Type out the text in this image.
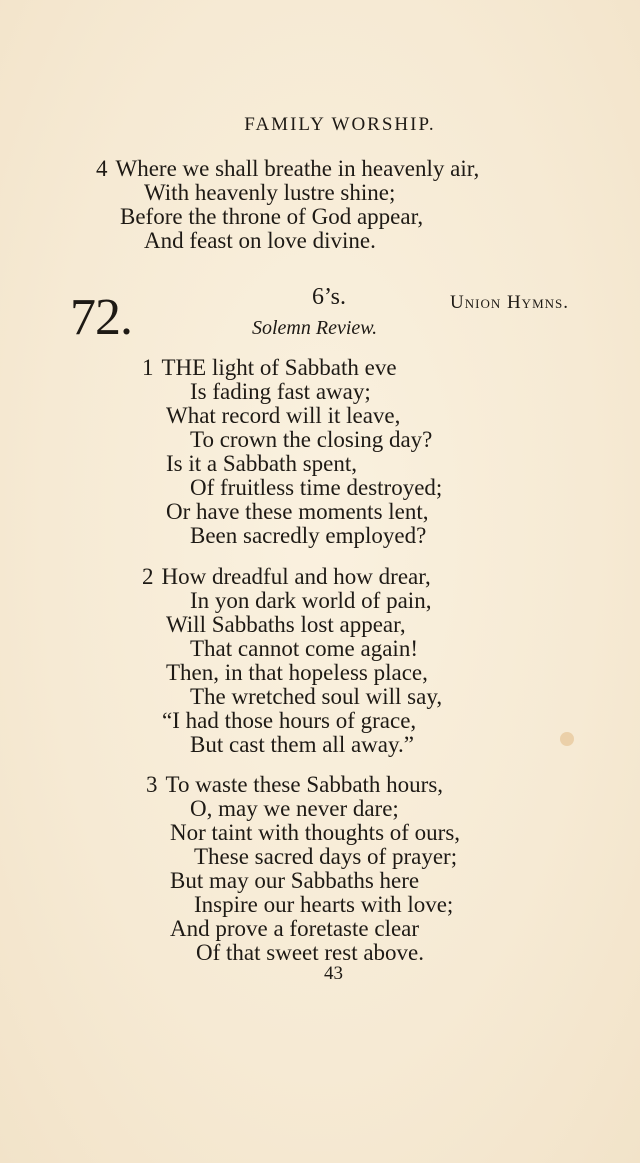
FAMILY WORSHIP.
4 Where we shall breathe in heavenly air,
With heavenly lustre shine;
Before the throne of God appear,
And feast on love divine.
72.	6’s.	Union Hymns.
Solemn Review.
1 THE light of Sabbath eve
Is fading fast away;
What record will it leave,
To crown the closing day?
Is it a Sabbath spent,
Of fruitless time destroyed;
Or have these moments lent,
Been sacredly employed?
2 How dreadful and how drear,
In yon dark world of pain,
Will Sabbaths lost appear,
That cannot come again!
Then, in that hopeless place,
The wretched soul will say,
“I had those hours of grace,
But cast them all away.”
3 To waste these Sabbath hours,
O, may we never dare;
Nor taint with thoughts of ours,
These sacred days of prayer;
But may our Sabbaths here
Inspire our hearts with love;
And prove a foretaste clear
Of that sweet rest above.
43
